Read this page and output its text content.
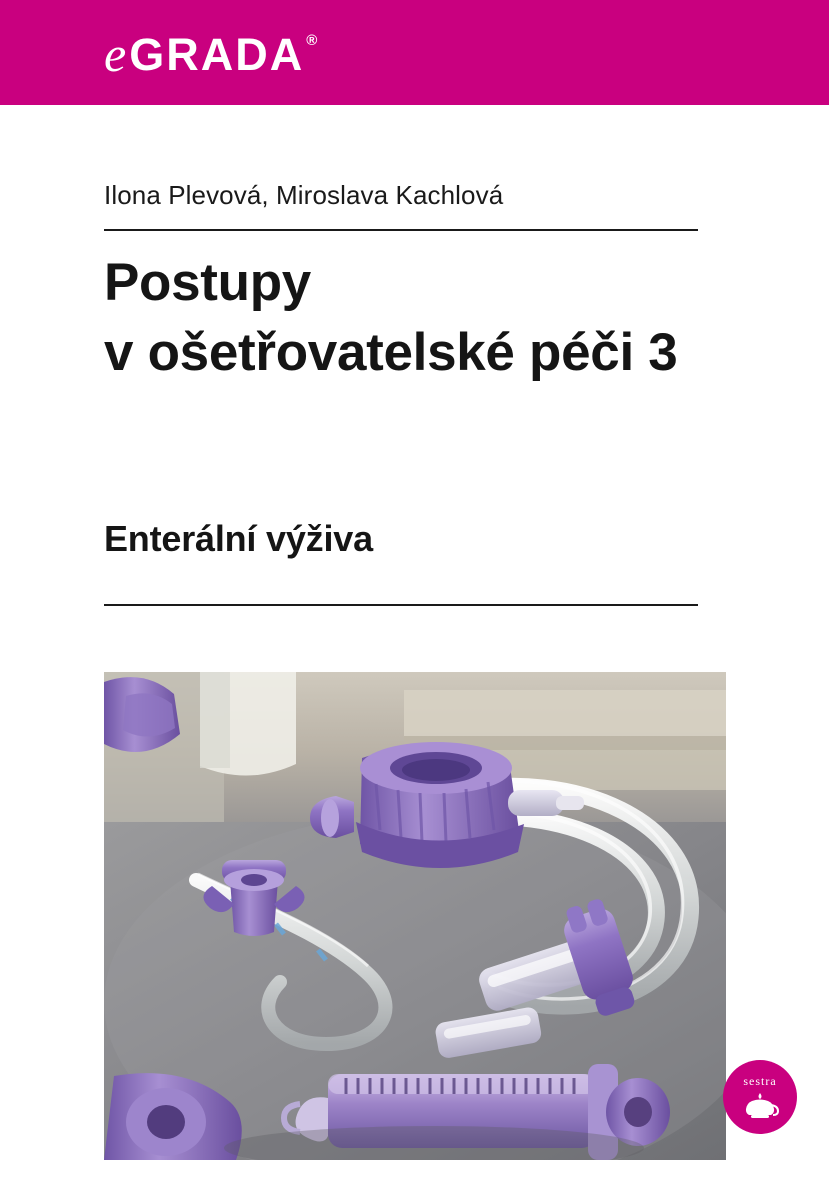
e GRADA ®
Ilona Plevová, Miroslava Kachlová
Postupy
v ošetřovatelské péči 3
Enterální výživa
sestra
